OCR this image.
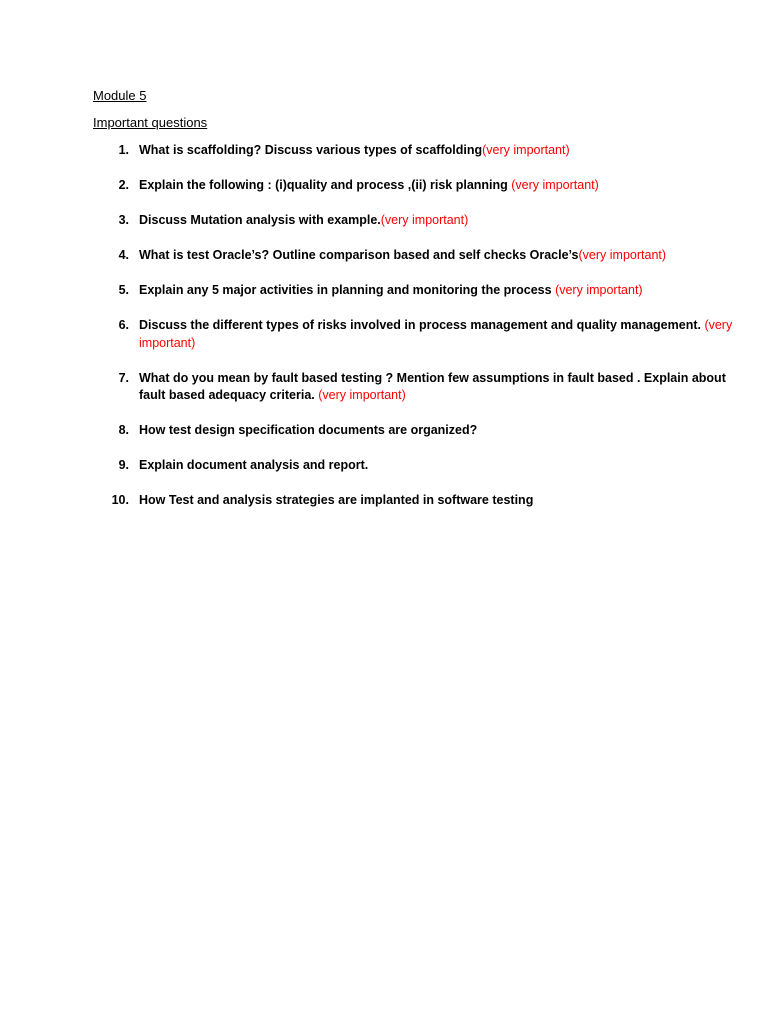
Module 5
Important questions
1. What is scaffolding? Discuss various types of scaffolding(very important)
2. Explain the following : (i)quality and process ,(ii) risk planning (very important)
3. Discuss Mutation analysis with example.(very important)
4. What is test Oracle’s? Outline comparison based and self checks Oracle’s(very important)
5. Explain any 5 major activities in planning and monitoring the process (very important)
6. Discuss the different types of risks involved in process management and quality management. (very important)
7. What do you mean by fault based testing ? Mention few assumptions in fault based . Explain about fault based adequacy criteria. (very important)
8. How test design specification documents are organized?
9. Explain document analysis and report.
10. How Test and analysis strategies are implanted in software testing
